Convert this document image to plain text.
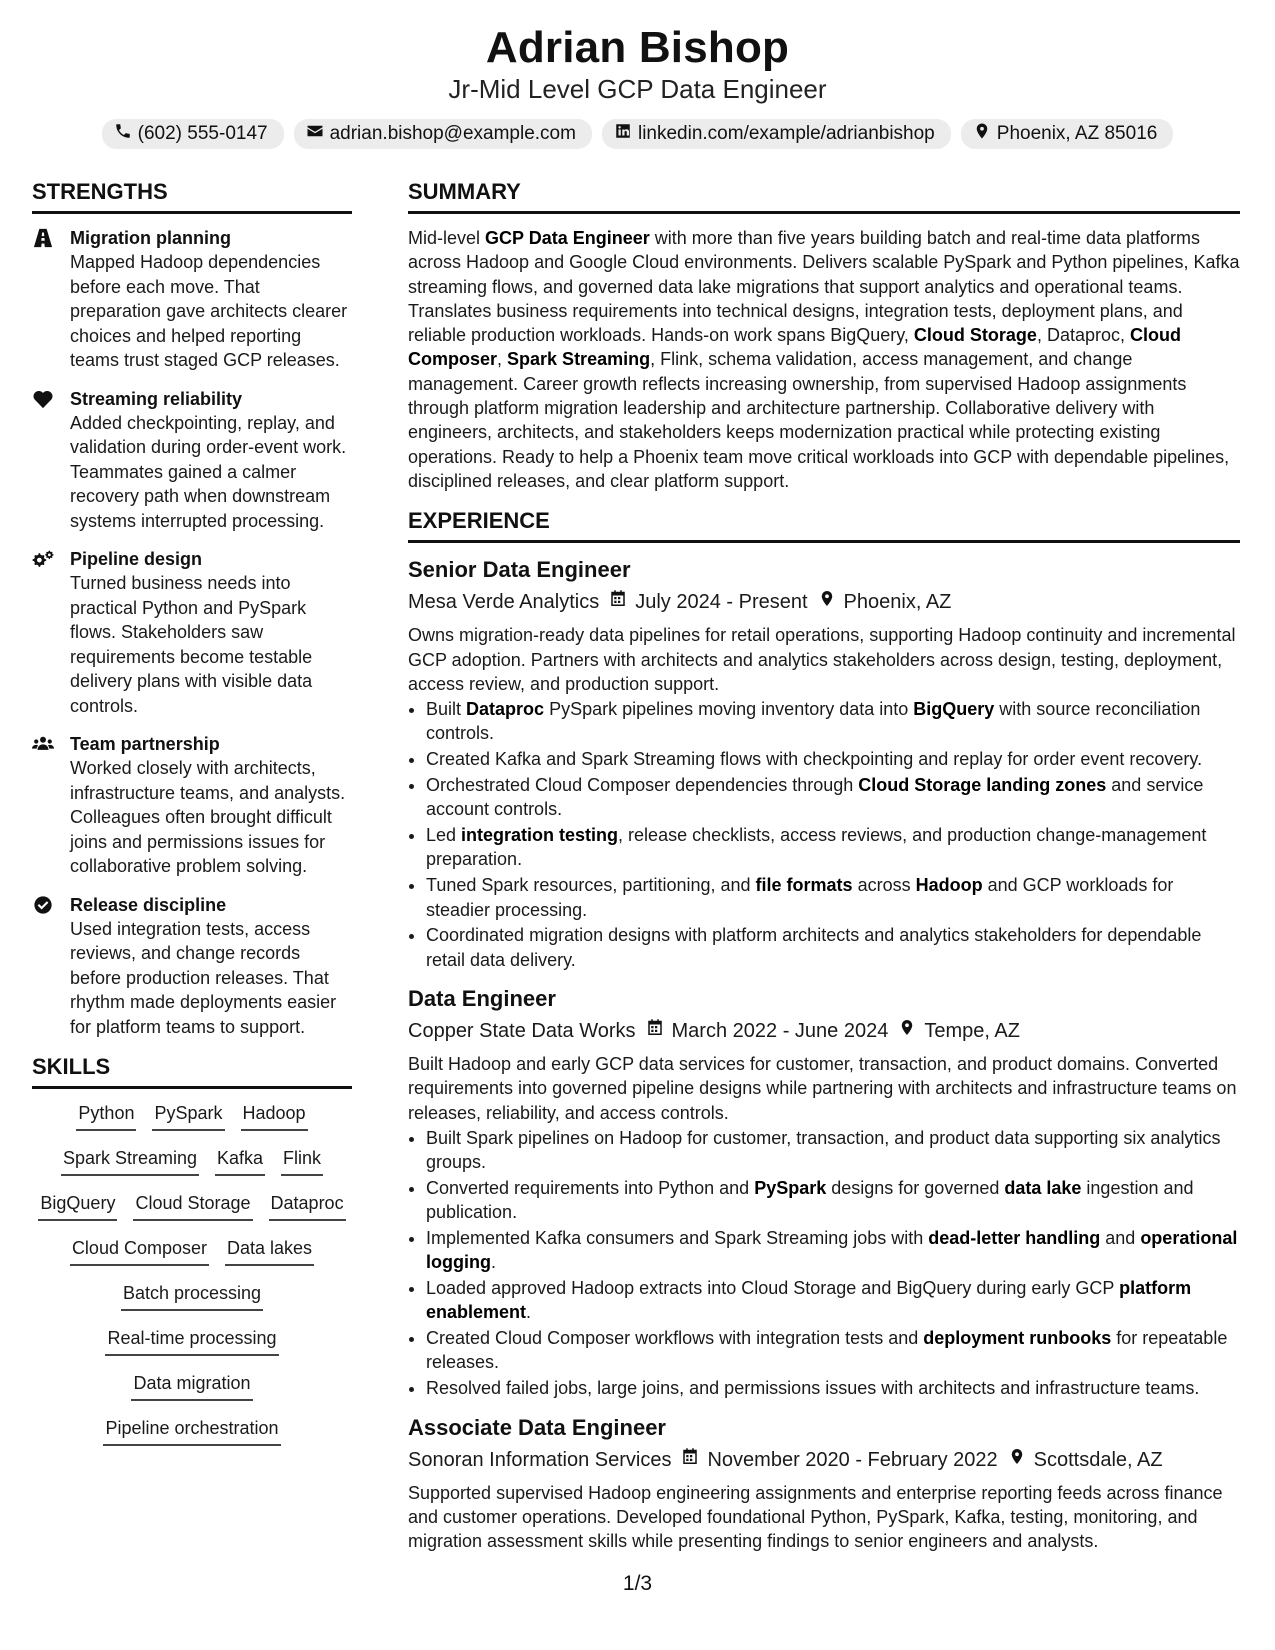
Adrian Bishop
Jr-Mid Level GCP Data Engineer
(602) 555-0147	adrian.bishop@example.com	linkedin.com/example/adrianbishop	Phoenix, AZ 85016
STRENGTHS
Migration planning
Mapped Hadoop dependencies before each move. That preparation gave architects clearer choices and helped reporting teams trust staged GCP releases.
Streaming reliability
Added checkpointing, replay, and validation during order-event work. Teammates gained a calmer recovery path when downstream systems interrupted processing.
Pipeline design
Turned business needs into practical Python and PySpark flows. Stakeholders saw requirements become testable delivery plans with visible data controls.
Team partnership
Worked closely with architects, infrastructure teams, and analysts. Colleagues often brought difficult joins and permissions issues for collaborative problem solving.
Release discipline
Used integration tests, access reviews, and change records before production releases. That rhythm made deployments easier for platform teams to support.
SKILLS
Python PySpark Hadoop
Spark Streaming Kafka Flink
BigQuery Cloud Storage Dataproc
Cloud Composer Data lakes
Batch processing
Real-time processing
Data migration
Pipeline orchestration
SUMMARY
Mid-level GCP Data Engineer with more than five years building batch and real-time data platforms across Hadoop and Google Cloud environments. Delivers scalable PySpark and Python pipelines, Kafka streaming flows, and governed data lake migrations that support analytics and operational teams. Translates business requirements into technical designs, integration tests, deployment plans, and reliable production workloads. Hands-on work spans BigQuery, Cloud Storage, Dataproc, Cloud Composer, Spark Streaming, Flink, schema validation, access management, and change management. Career growth reflects increasing ownership, from supervised Hadoop assignments through platform migration leadership and architecture partnership. Collaborative delivery with engineers, architects, and stakeholders keeps modernization practical while protecting existing operations. Ready to help a Phoenix team move critical workloads into GCP with dependable pipelines, disciplined releases, and clear platform support.
EXPERIENCE
Senior Data Engineer
Mesa Verde Analytics July 2024 - Present Phoenix, AZ
Owns migration-ready data pipelines for retail operations, supporting Hadoop continuity and incremental GCP adoption. Partners with architects and analytics stakeholders across design, testing, deployment, access review, and production support.
• Built Dataproc PySpark pipelines moving inventory data into BigQuery with source reconciliation controls.
• Created Kafka and Spark Streaming flows with checkpointing and replay for order event recovery.
• Orchestrated Cloud Composer dependencies through Cloud Storage landing zones and service account controls.
• Led integration testing, release checklists, access reviews, and production change-management preparation.
• Tuned Spark resources, partitioning, and file formats across Hadoop and GCP workloads for steadier processing.
• Coordinated migration designs with platform architects and analytics stakeholders for dependable retail data delivery.
Data Engineer
Copper State Data Works March 2022 - June 2024 Tempe, AZ
Built Hadoop and early GCP data services for customer, transaction, and product domains. Converted requirements into governed pipeline designs while partnering with architects and infrastructure teams on releases, reliability, and access controls.
• Built Spark pipelines on Hadoop for customer, transaction, and product data supporting six analytics groups.
• Converted requirements into Python and PySpark designs for governed data lake ingestion and publication.
• Implemented Kafka consumers and Spark Streaming jobs with dead-letter handling and operational logging.
• Loaded approved Hadoop extracts into Cloud Storage and BigQuery during early GCP platform enablement.
• Created Cloud Composer workflows with integration tests and deployment runbooks for repeatable releases.
• Resolved failed jobs, large joins, and permissions issues with architects and infrastructure teams.
Associate Data Engineer
Sonoran Information Services November 2020 - February 2022 Scottsdale, AZ
Supported supervised Hadoop engineering assignments and enterprise reporting feeds across finance and customer operations. Developed foundational Python, PySpark, Kafka, testing, monitoring, and migration assessment skills while presenting findings to senior engineers and analysts.
1/3
